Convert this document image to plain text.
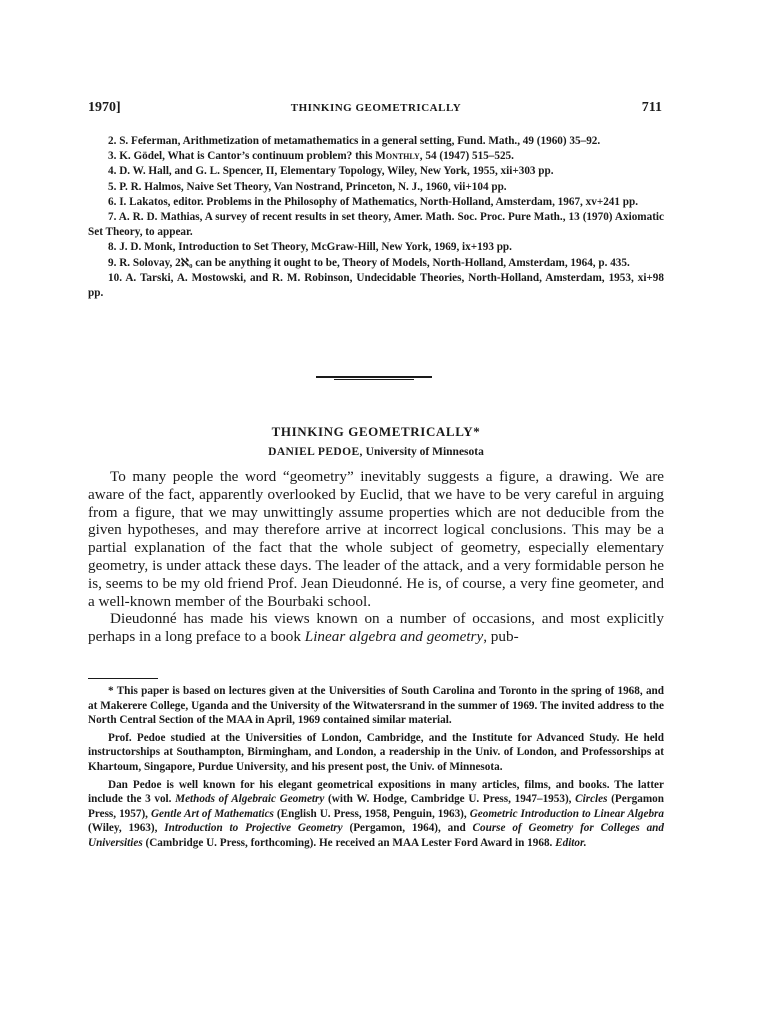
1970]	THINKING GEOMETRICALLY	711

2. S. Feferman, Arithmetization of metamathematics in a general setting, Fund. Math., 49 (1960) 35–92.

3. K. Gödel, What is Cantor’s continuum problem? this Monthly, 54 (1947) 515–525.

4. D. W. Hall, and G. L. Spencer, II, Elementary Topology, Wiley, New York, 1955, xii+303 pp.

5. P. R. Halmos, Naive Set Theory, Van Nostrand, Princeton, N. J., 1960, vii+104 pp.

6. I. Lakatos, editor. Problems in the Philosophy of Mathematics, North-Holland, Amsterdam, 1967, xv+241 pp.

7. A. R. D. Mathias, A survey of recent results in set theory, Amer. Math. Soc. Proc. Pure Math., 13 (1970) Axiomatic Set Theory, to appear.

8. J. D. Monk, Introduction to Set Theory, McGraw-Hill, New York, 1969, ix+193 pp.

9. R. Solovay, 2ℵ₀ can be anything it ought to be, Theory of Models, North-Holland, Amsterdam, 1964, p. 435.

10. A. Tarski, A. Mostowski, and R. M. Robinson, Undecidable Theories, North-Holland, Amsterdam, 1953, xi+98 pp.

THINKING GEOMETRICALLY*
DANIEL PEDOE, University of Minnesota

To many people the word “geometry” inevitably suggests a figure, a drawing. We are aware of the fact, apparently overlooked by Euclid, that we have to be very careful in arguing from a figure, that we may unwittingly assume properties which are not deducible from the given hypotheses, and may therefore arrive at incorrect logical conclusions. This may be a partial explanation of the fact that the whole subject of geometry, especially elementary geometry, is under attack these days. The leader of the attack, and a very formidable person he is, seems to be my old friend Prof. Jean Dieudonné. He is, of course, a very fine geometer, and a well-known member of the Bourbaki school.

Dieudonné has made his views known on a number of occasions, and most explicitly perhaps in a long preface to a book Linear algebra and geometry, pub-

* This paper is based on lectures given at the Universities of South Carolina and Toronto in the spring of 1968, and at Makerere College, Uganda and the University of the Witwatersrand in the summer of 1969. The invited address to the North Central Section of the MAA in April, 1969 contained similar material.

Prof. Pedoe studied at the Universities of London, Cambridge, and the Institute for Advanced Study. He held instructorships at Southampton, Birmingham, and London, a readership in the Univ. of London, and Professorships at Khartoum, Singapore, Purdue University, and his present post, the Univ. of Minnesota.

Dan Pedoe is well known for his elegant geometrical expositions in many articles, films, and books. The latter include the 3 vol. Methods of Algebraic Geometry (with W. Hodge, Cambridge U. Press, 1947–1953), Circles (Pergamon Press, 1957), Gentle Art of Mathematics (English U. Press, 1958, Penguin, 1963), Geometric Introduction to Linear Algebra (Wiley, 1963), Introduction to Projective Geometry (Pergamon, 1964), and Course of Geometry for Colleges and Universities (Cambridge U. Press, forthcoming). He received an MAA Lester Ford Award in 1968. Editor.
